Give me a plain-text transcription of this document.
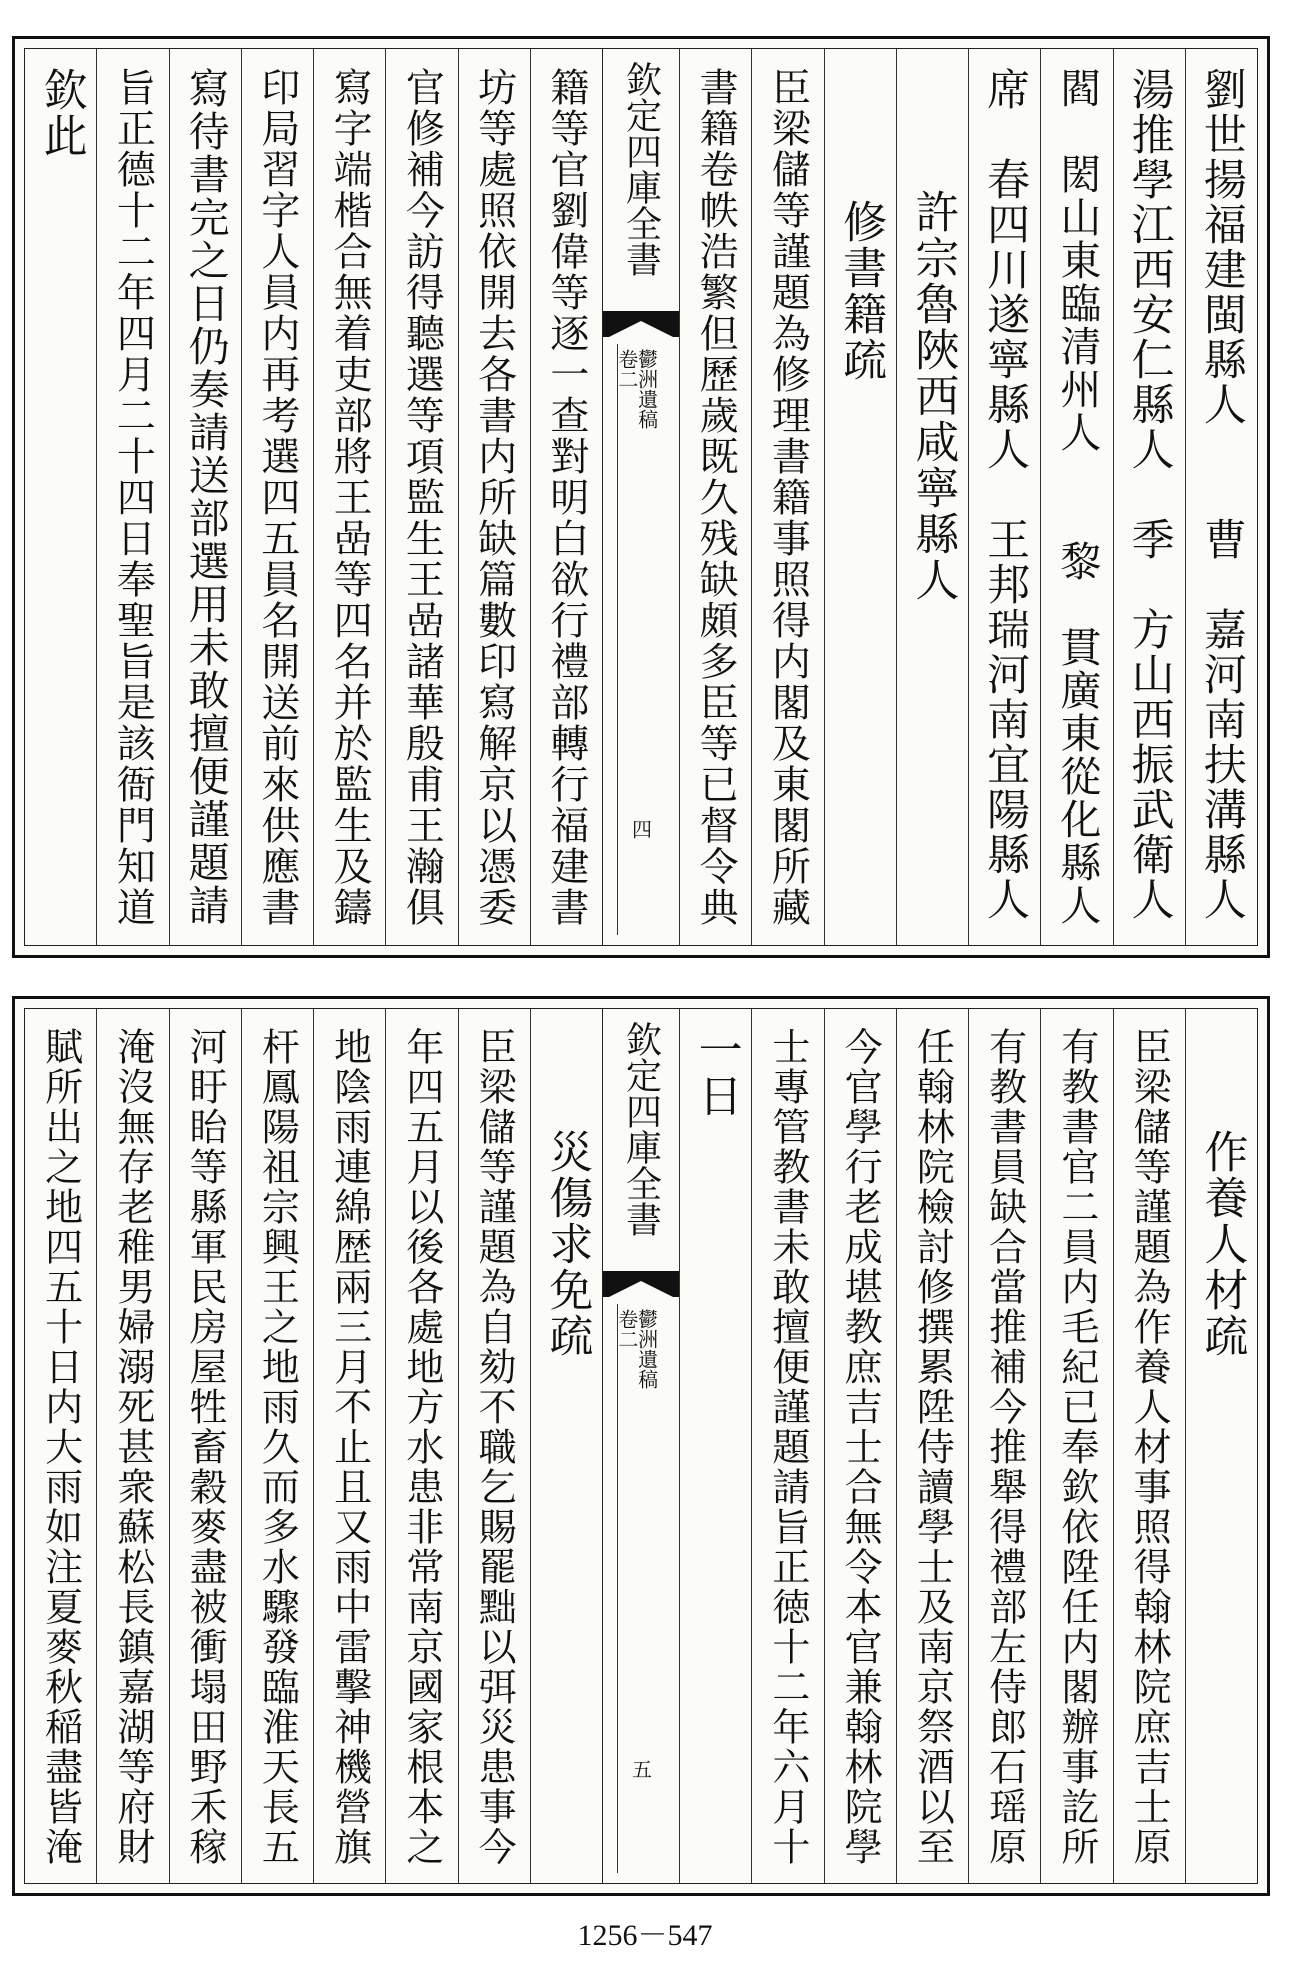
劉世揚福建閩縣人　　曹　嘉河南扶溝縣人
湯推學江西安仁縣人　季　方山西振武衛人
閻　閎山東臨清州人　　黎　貫廣東從化縣人
席　春四川遂寧縣人　王邦瑞河南宜陽縣人
許宗魯陜西咸寧縣人
修書籍疏
臣梁儲等謹題為修理書籍事照得内閣及東閣所藏
書籍卷帙浩繁但歷歲既久残缺頗多臣等已督令典
欽定四庫全書
鬱洲遺稿
卷二
四
籍等官劉偉等逐一查對明白欲行禮部轉行福建書
坊等處照依開去各書内所缺篇數印寫解京以憑委
官修補今訪得聽選等項監生王嵒諸華殷甫王瀚俱
寫字端楷合無着吏部將王嵒等四名并於監生及鑄
印局習字人員内再考選四五員名開送前來供應書
寫待書完之日仍奏請送部選用未敢擅便謹題請
旨正德十二年四月二十四日奉聖旨是該衙門知道
欽此
作養人材疏
臣梁儲等謹題為作養人材事照得翰林院庶吉士原
有教書官二員内毛紀已奉欽依陞任内閣辦事訖所
有教書員缺合當推補今推舉得禮部左侍郎石瑶原
任翰林院檢討修撰累陞侍讀學士及南京祭酒以至
今官學行老成堪教庶吉士合無令本官兼翰林院學
士專管教書未敢擅便謹題請旨正徳十二年六月十
一日
欽定四庫全書
鬱洲遺稿
卷二
五
災傷求免疏
臣梁儲等謹題為自劾不職乞賜罷黜以弭災患事今
年四五月以後各處地方水患非常南京國家根本之
地陰雨連綿歴兩三月不止且又雨中雷擊神機營旗
杆鳳陽祖宗興王之地雨久而多水驟發臨淮天長五
河盱眙等縣軍民房屋牲畜穀麥盡被衝塌田野禾稼
淹沒無存老稚男婦溺死甚衆蘇松長鎮嘉湖等府財
賦所出之地四五十日内大雨如注夏麥秋稲盡皆淹
1256－547
